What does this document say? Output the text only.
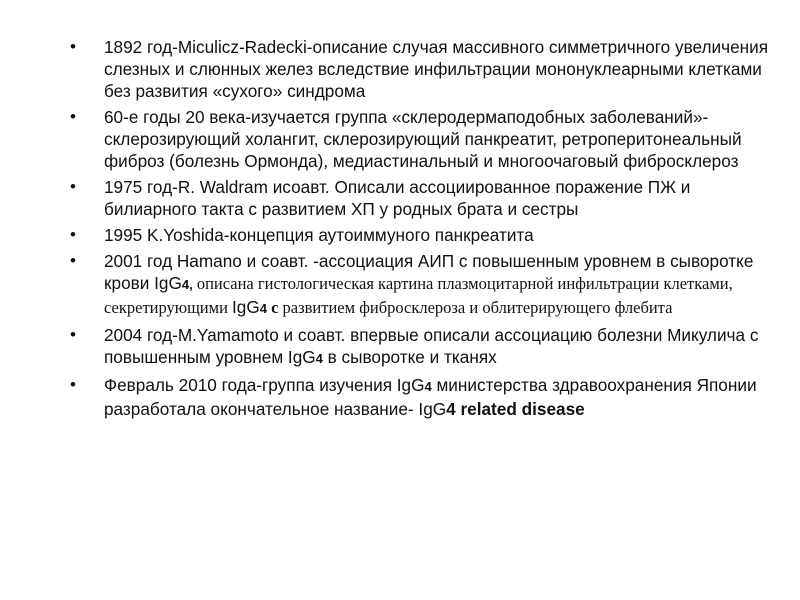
•	1892 год-Miculicz-Radecki-описание случая массивного симметричного увеличения слезных и слюнных желез вследствие инфильтрации мононуклеарными клетками без развития «сухого» синдрома
•	60-е годы 20 века-изучается группа «склеродермаподобных заболеваний»-склерозирующий холангит, склерозирующий панкреатит, ретроперитонеальный фиброз (болезнь Ормонда), медиастинальный и многоочаговый фибросклероз
•	1975 год-R. Waldram исоавт. Описали ассоциированное поражение ПЖ и билиарного такта с развитием ХП у родных брата и сестры
•	1995 K.Yoshida-концепция аутоиммуного панкреатита
•	2001 год Hamano и соавт. -ассоциация АИП с повышенным уровнем в сыворотке крови IgG4, описана гистологическая картина плазмоцитарной инфильтрации клетками, секретирующими IgG4 с развитием фибросклероза и облитерирующего флебита
•	2004 год-M.Yamamoto и соавт. впервые описали ассоциацию болезни Микулича с повышенным уровнем IgG4 в сыворотке и тканях
•	Февраль 2010 года-группа изучения IgG4 министерства здравоохранения Японии разработала окончательное название- IgG4 related disease
